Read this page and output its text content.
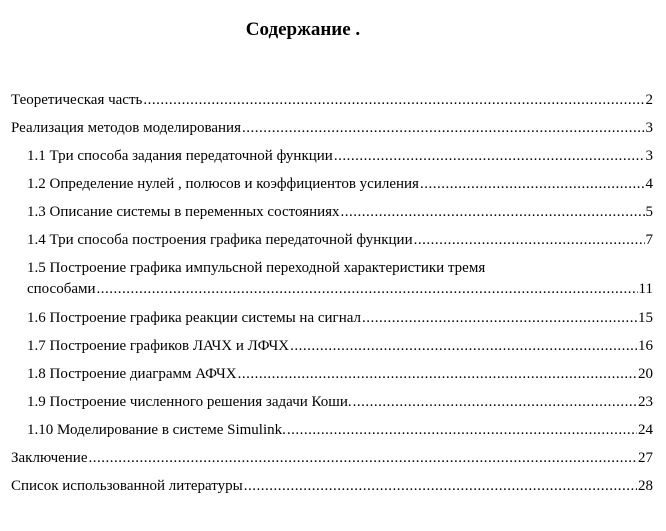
Содержание .
Теоретическая часть .....	2
Реализация методов моделирования .....	3
1.1 Три способа задания передаточной функции .....	3
1.2 Определение нулей , полюсов и коэффициентов усиления .....	4
1.3 Описание системы в переменных состояниях .....	5
1.4 Три способа построения графика передаточной функции .....	7
1.5 Построение графика импульсной переходной характеристики тремя
способами .....	11
1.6 Построение графика реакции системы на сигнал .....	15
1.7 Построение графиков ЛАЧХ и ЛФЧХ .....	16
1.8 Построение диаграмм АФЧХ .....	20
1.9 Построение численного решения задачи Коши. .....	23
1.10 Моделирование в системе Simulink. .....	24
Заключение .....	27
Список использованной литературы .....	28
